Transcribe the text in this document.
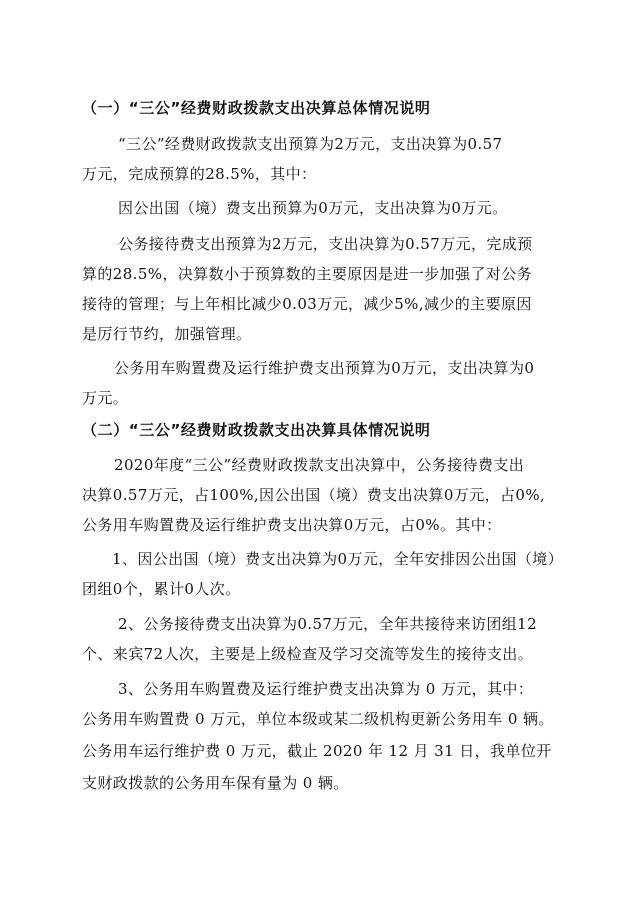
（一）“三公”经费财政拨款支出决算总体情况说明
“三公”经费财政拨款支出预算为2万元，支出决算为0.57
万元，完成预算的28.5%，其中：
因公出国（境）费支出预算为0万元，支出决算为0万元。
公务接待费支出预算为2万元，支出决算为0.57万元，完成预
算的28.5%，决算数小于预算数的主要原因是进一步加强了对公务
接待的管理；与上年相比减少0.03万元，减少5%,减少的主要原因
是厉行节约，加强管理。
公务用车购置费及运行维护费支出预算为0万元，支出决算为0
万元。
（二）“三公”经费财政拨款支出决算具体情况说明
2020年度“三公”经费财政拨款支出决算中，公务接待费支出
决算0.57万元，占100%,因公出国（境）费支出决算0万元，占0%,
公务用车购置费及运行维护费支出决算0万元，占0%。其中：
1、因公出国（境）费支出决算为0万元，全年安排因公出国（境）
团组0个，累计0人次。
2、公务接待费支出决算为0.57万元，全年共接待来访团组12
个、来宾72人次，主要是上级检查及学习交流等发生的接待支出。
3、公务用车购置费及运行维护费支出决算为 0 万元，其中：
公务用车购置费 0 万元，单位本级或某二级机构更新公务用车 0 辆。
公务用车运行维护费 0 万元，截止 2020 年 12 月 31 日，我单位开
支财政拨款的公务用车保有量为 0 辆。
